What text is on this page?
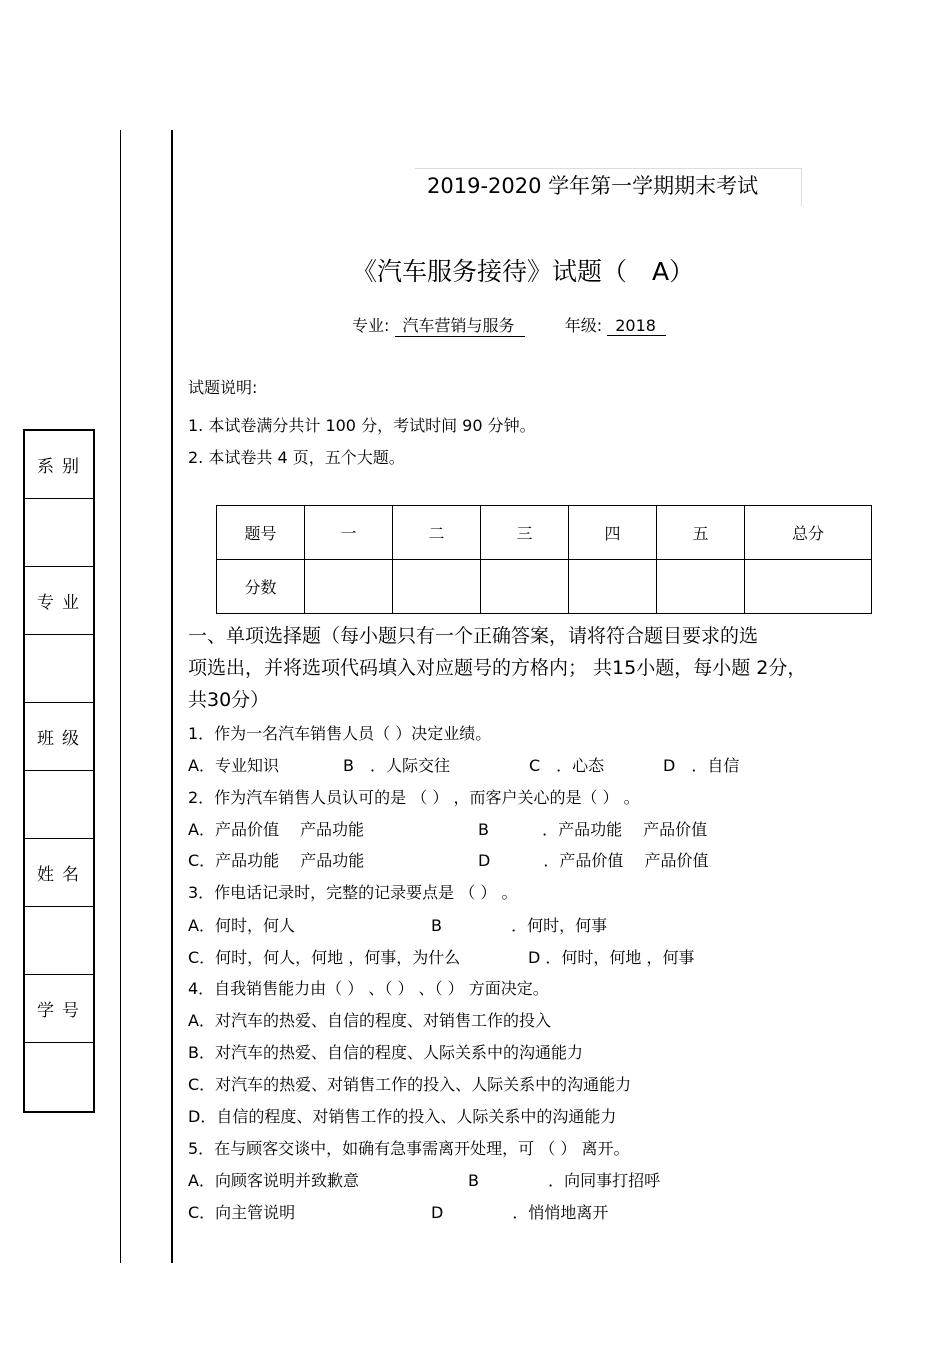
系别
专业
班级
姓名
学号
2019-2020 学年第一学期期末考试
《汽车服务接待》试题（　A）
专业: 汽车营销与服务	年级: 2018
试题说明:
1. 本试卷满分共计 100 分，考试时间 90 分钟。
2. 本试卷共 4 页，五个大题。
题号	一	二	三	四	五	总分
分数						
一、单项选择题（每小题只有一个正确答案，请将符合题目要求的选
项选出，并将选项代码填入对应题号的方格内； 共15小题，每小题 2分，
共30分）
1．作为一名汽车销售人员（ ）决定业绩。
A．专业知识	B　．人际交往	C　．心态	D　．自信
2．作为汽车销售人员认可的是 （ ） ，而客户关心的是（ ） 。
A．产品价值　 产品功能	B　　　 ．产品功能　 产品价值
C．产品功能　 产品功能	D　　　 ．产品价值　 产品价值
3．作电话记录时，完整的记录要点是 （ ） 。
A．何时，何人	B　　　　 ．何时，何事
C．何时，何人，何地 ，何事，为什么	D ．何时，何地 ，何事
4．自我销售能力由（ ） 、（ ） 、（ ） 方面决定。
A．对汽车的热爱、自信的程度、对销售工作的投入
B．对汽车的热爱、自信的程度、人际关系中的沟通能力
C．对汽车的热爱、对销售工作的投入、人际关系中的沟通能力
D．自信的程度、对销售工作的投入、人际关系中的沟通能力
5．在与顾客交谈中，如确有急事需离开处理，可 （ ） 离开。
A．向顾客说明并致歉意	B　　　　 ．向同事打招呼
C．向主管说明	D　　　　 ．悄悄地离开
